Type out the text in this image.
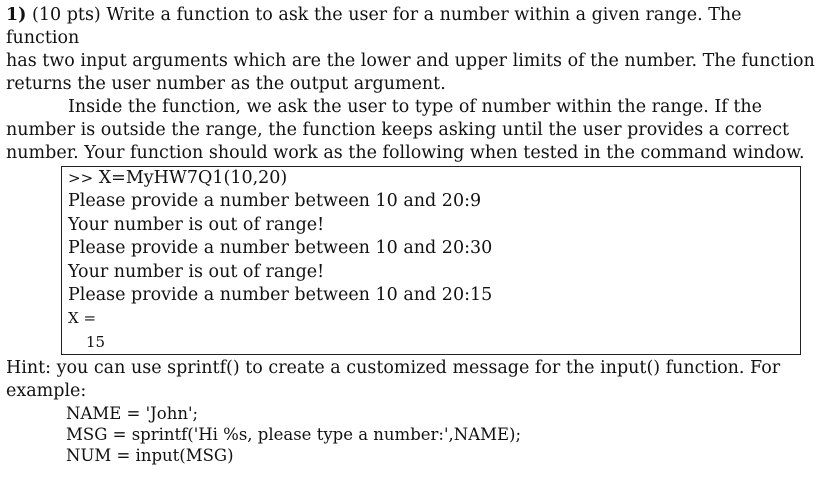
1) (10 pts) Write a function to ask the user for a number within a given range. The function
has two input arguments which are the lower and upper limits of the number. The function
returns the user number as the output argument.

Inside the function, we ask the user to type of number within the range. If the
number is outside the range, the function keeps asking until the user provides a correct
number. Your function should work as the following when tested in the command window.

>> X=MyHW7Q1(10,20)
Please provide a number between 10 and 20:9
Your number is out of range!
Please provide a number between 10 and 20:30
Your number is out of range!
Please provide a number between 10 and 20:15
X =
15

Hint: you can use sprintf() to create a customized message for the input() function. For
example:

NAME = 'John';
MSG = sprintf('Hi %s, please type a number:',NAME);
NUM = input(MSG)
